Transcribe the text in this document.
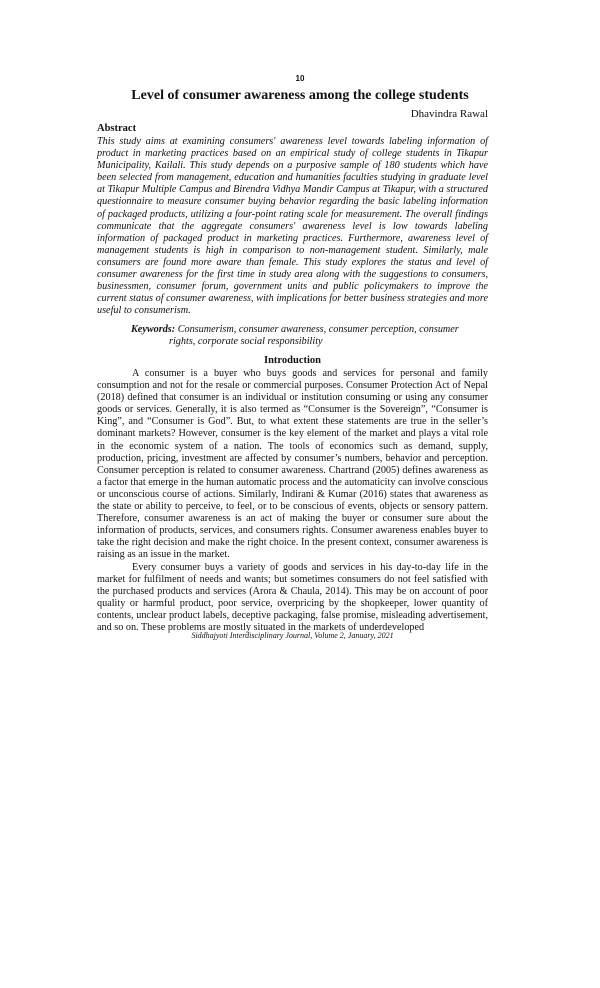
10
Level of consumer awareness among the college students
Dhavindra Rawal
Abstract

This study aims at examining consumers' awareness level towards labeling information of product in marketing practices based on an empirical study of college students in Tikapur Municipality, Kailali. This study depends on a purposive sample of 180 students which have been selected from management, education and humanities faculties studying in graduate level at Tikapur Multiple Campus and Birendra Vidhya Mandir Campus at Tikapur, with a structured questionnaire to measure consumer buying behavior regarding the basic labeling information of packaged products, utilizing a four-point rating scale for measurement. The overall findings communicate that the aggregate consumers' awareness level is low towards labeling information of packaged product in marketing practices. Furthermore, awareness level of management students is high in comparison to non-management student. Similarly, male consumers are found more aware than female. This study explores the status and level of consumer awareness for the first time in study area along with the suggestions to consumers, businessmen, consumer forum, government units and public policymakers to improve the current status of consumer awareness, with implications for better business strategies and more useful to consumerism.

Keywords: Consumerism, consumer awareness, consumer perception, consumer
rights, corporate social responsibility

Introduction

A consumer is a buyer who buys goods and services for personal and family consumption and not for the resale or commercial purposes. Consumer Protection Act of Nepal (2018) defined that consumer is an individual or institution consuming or using any consumer goods or services. Generally, it is also termed as “Consumer is the Sovereign”, “Consumer is King”, and “Consumer is God”. But, to what extent these statements are true in the seller’s dominant markets? However, consumer is the key element of the market and plays a vital role in the economic system of a nation. The tools of economics such as demand, supply, production, pricing, investment are affected by consumer’s numbers, behavior and perception. Consumer perception is related to consumer awareness. Chartrand (2005) defines awareness as a factor that emerge in the human automatic process and the automaticity can involve conscious or unconscious course of actions. Similarly, Indirani & Kumar (2016) states that awareness as the state or ability to perceive, to feel, or to be conscious of events, objects or sensory pattern. Therefore, consumer awareness is an act of making the buyer or consumer sure about the information of products, services, and consumers rights. Consumer awareness enables buyer to take the right decision and make the right choice. In the present context, consumer awareness is raising as an issue in the market.

Every consumer buys a variety of goods and services in his day-to-day life in the market for fulfilment of needs and wants; but sometimes consumers do not feel satisfied with the purchased products and services (Arora & Chaula, 2014). This may be on account of poor quality or harmful product, poor service, overpricing by the shopkeeper, lower quantity of contents, unclear product labels, deceptive packaging, false promise, misleading advertisement, and so on. These problems are mostly situated in the markets of underdeveloped

Siddhajyoti Interdisciplinary Journal, Volume 2, January, 2021
